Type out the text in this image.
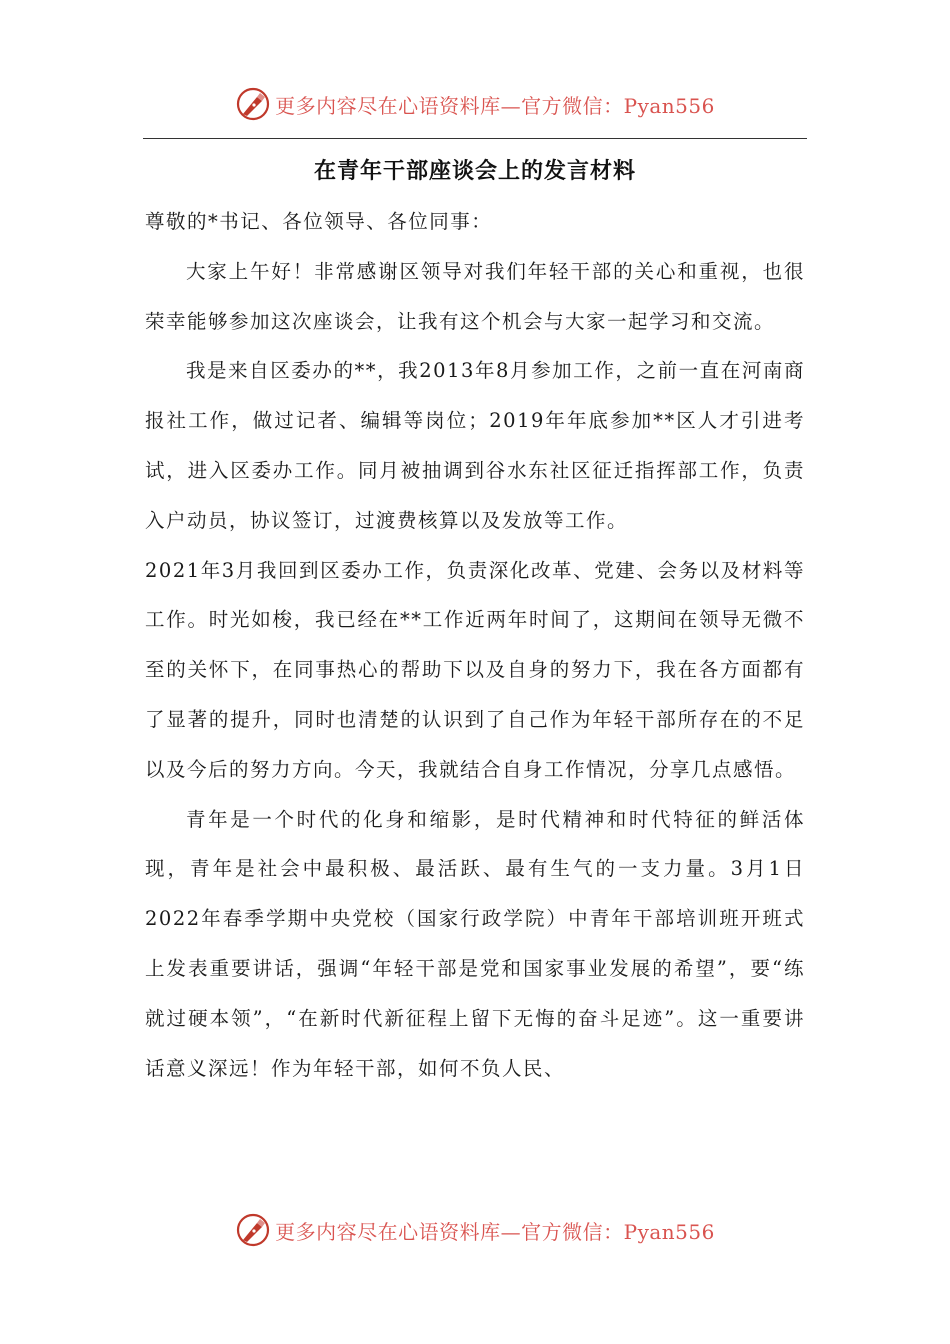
更多内容尽在心语资料库—官方微信：Pyan556
在青年干部座谈会上的发言材料

尊敬的*书记、各位领导、各位同事：

大家上午好！非常感谢区领导对我们年轻干部的关心和重视，也很荣幸能够参加这次座谈会，让我有这个机会与大家一起学习和交流。

我是来自区委办的**，我2013年8月参加工作，之前一直在河南商报社工作，做过记者、编辑等岗位；2019年年底参加**区人才引进考试，进入区委办工作。同月被抽调到谷水东社区征迁指挥部工作，负责入户动员，协议签订，过渡费核算以及发放等工作。

2021年3月我回到区委办工作，负责深化改革、党建、会务以及材料等工作。时光如梭，我已经在**工作近两年时间了，这期间在领导无微不至的关怀下，在同事热心的帮助下以及自身的努力下，我在各方面都有了显著的提升，同时也清楚的认识到了自己作为年轻干部所存在的不足以及今后的努力方向。今天，我就结合自身工作情况，分享几点感悟。

青年是一个时代的化身和缩影，是时代精神和时代特征的鲜活体现，青年是社会中最积极、最活跃、最有生气的一支力量。3月1日2022年春季学期中央党校（国家行政学院）中青年干部培训班开班式上发表重要讲话，强调“年轻干部是党和国家事业发展的希望”，要“练就过硬本领”，“在新时代新征程上留下无悔的奋斗足迹”。这一重要讲话意义深远！作为年轻干部，如何不负人民、

更多内容尽在心语资料库—官方微信：Pyan556
